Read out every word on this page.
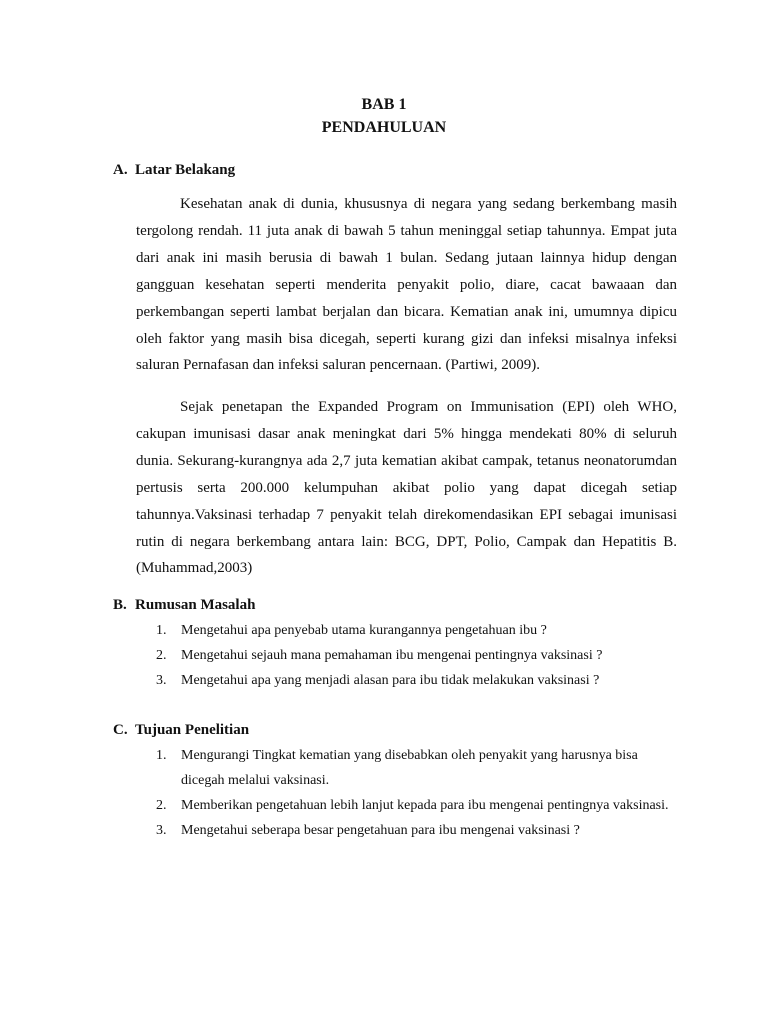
BAB 1
PENDAHULUAN
A. Latar Belakang

Kesehatan anak di dunia, khususnya di negara yang sedang berkembang masih tergolong rendah. 11 juta anak di bawah 5 tahun meninggal setiap tahunnya. Empat juta dari anak ini masih berusia di bawah 1 bulan. Sedang jutaan lainnya hidup dengan gangguan kesehatan seperti menderita penyakit polio, diare, cacat bawaaan dan perkembangan seperti lambat berjalan dan bicara. Kematian anak ini, umumnya dipicu oleh faktor yang masih bisa dicegah, seperti kurang gizi dan infeksi misalnya infeksi saluran Pernafasan dan infeksi saluran pencernaan. (Partiwi, 2009).

Sejak penetapan the Expanded Program on Immunisation (EPI) oleh WHO, cakupan imunisasi dasar anak meningkat dari 5% hingga mendekati 80% di seluruh dunia. Sekurang-kurangnya ada 2,7 juta kematian akibat campak, tetanus neonatorumdan pertusis serta 200.000 kelumpuhan akibat polio yang dapat dicegah setiap tahunnya.Vaksinasi terhadap 7 penyakit telah direkomendasikan EPI sebagai imunisasi rutin di negara berkembang antara lain: BCG, DPT, Polio, Campak dan Hepatitis B. (Muhammad,2003)

B. Rumusan Masalah
1. Mengetahui apa penyebab utama kurangannya pengetahuan ibu ?
2. Mengetahui sejauh mana pemahaman ibu mengenai pentingnya vaksinasi ?
3. Mengetahui apa yang menjadi alasan para ibu tidak melakukan vaksinasi ?
C. Tujuan Penelitian
1. Mengurangi Tingkat kematian yang disebabkan oleh penyakit yang harusnya bisa dicegah melalui vaksinasi.
2. Memberikan pengetahuan lebih lanjut kepada para ibu mengenai pentingnya vaksinasi.
3. Mengetahui seberapa besar pengetahuan para ibu mengenai vaksinasi ?
